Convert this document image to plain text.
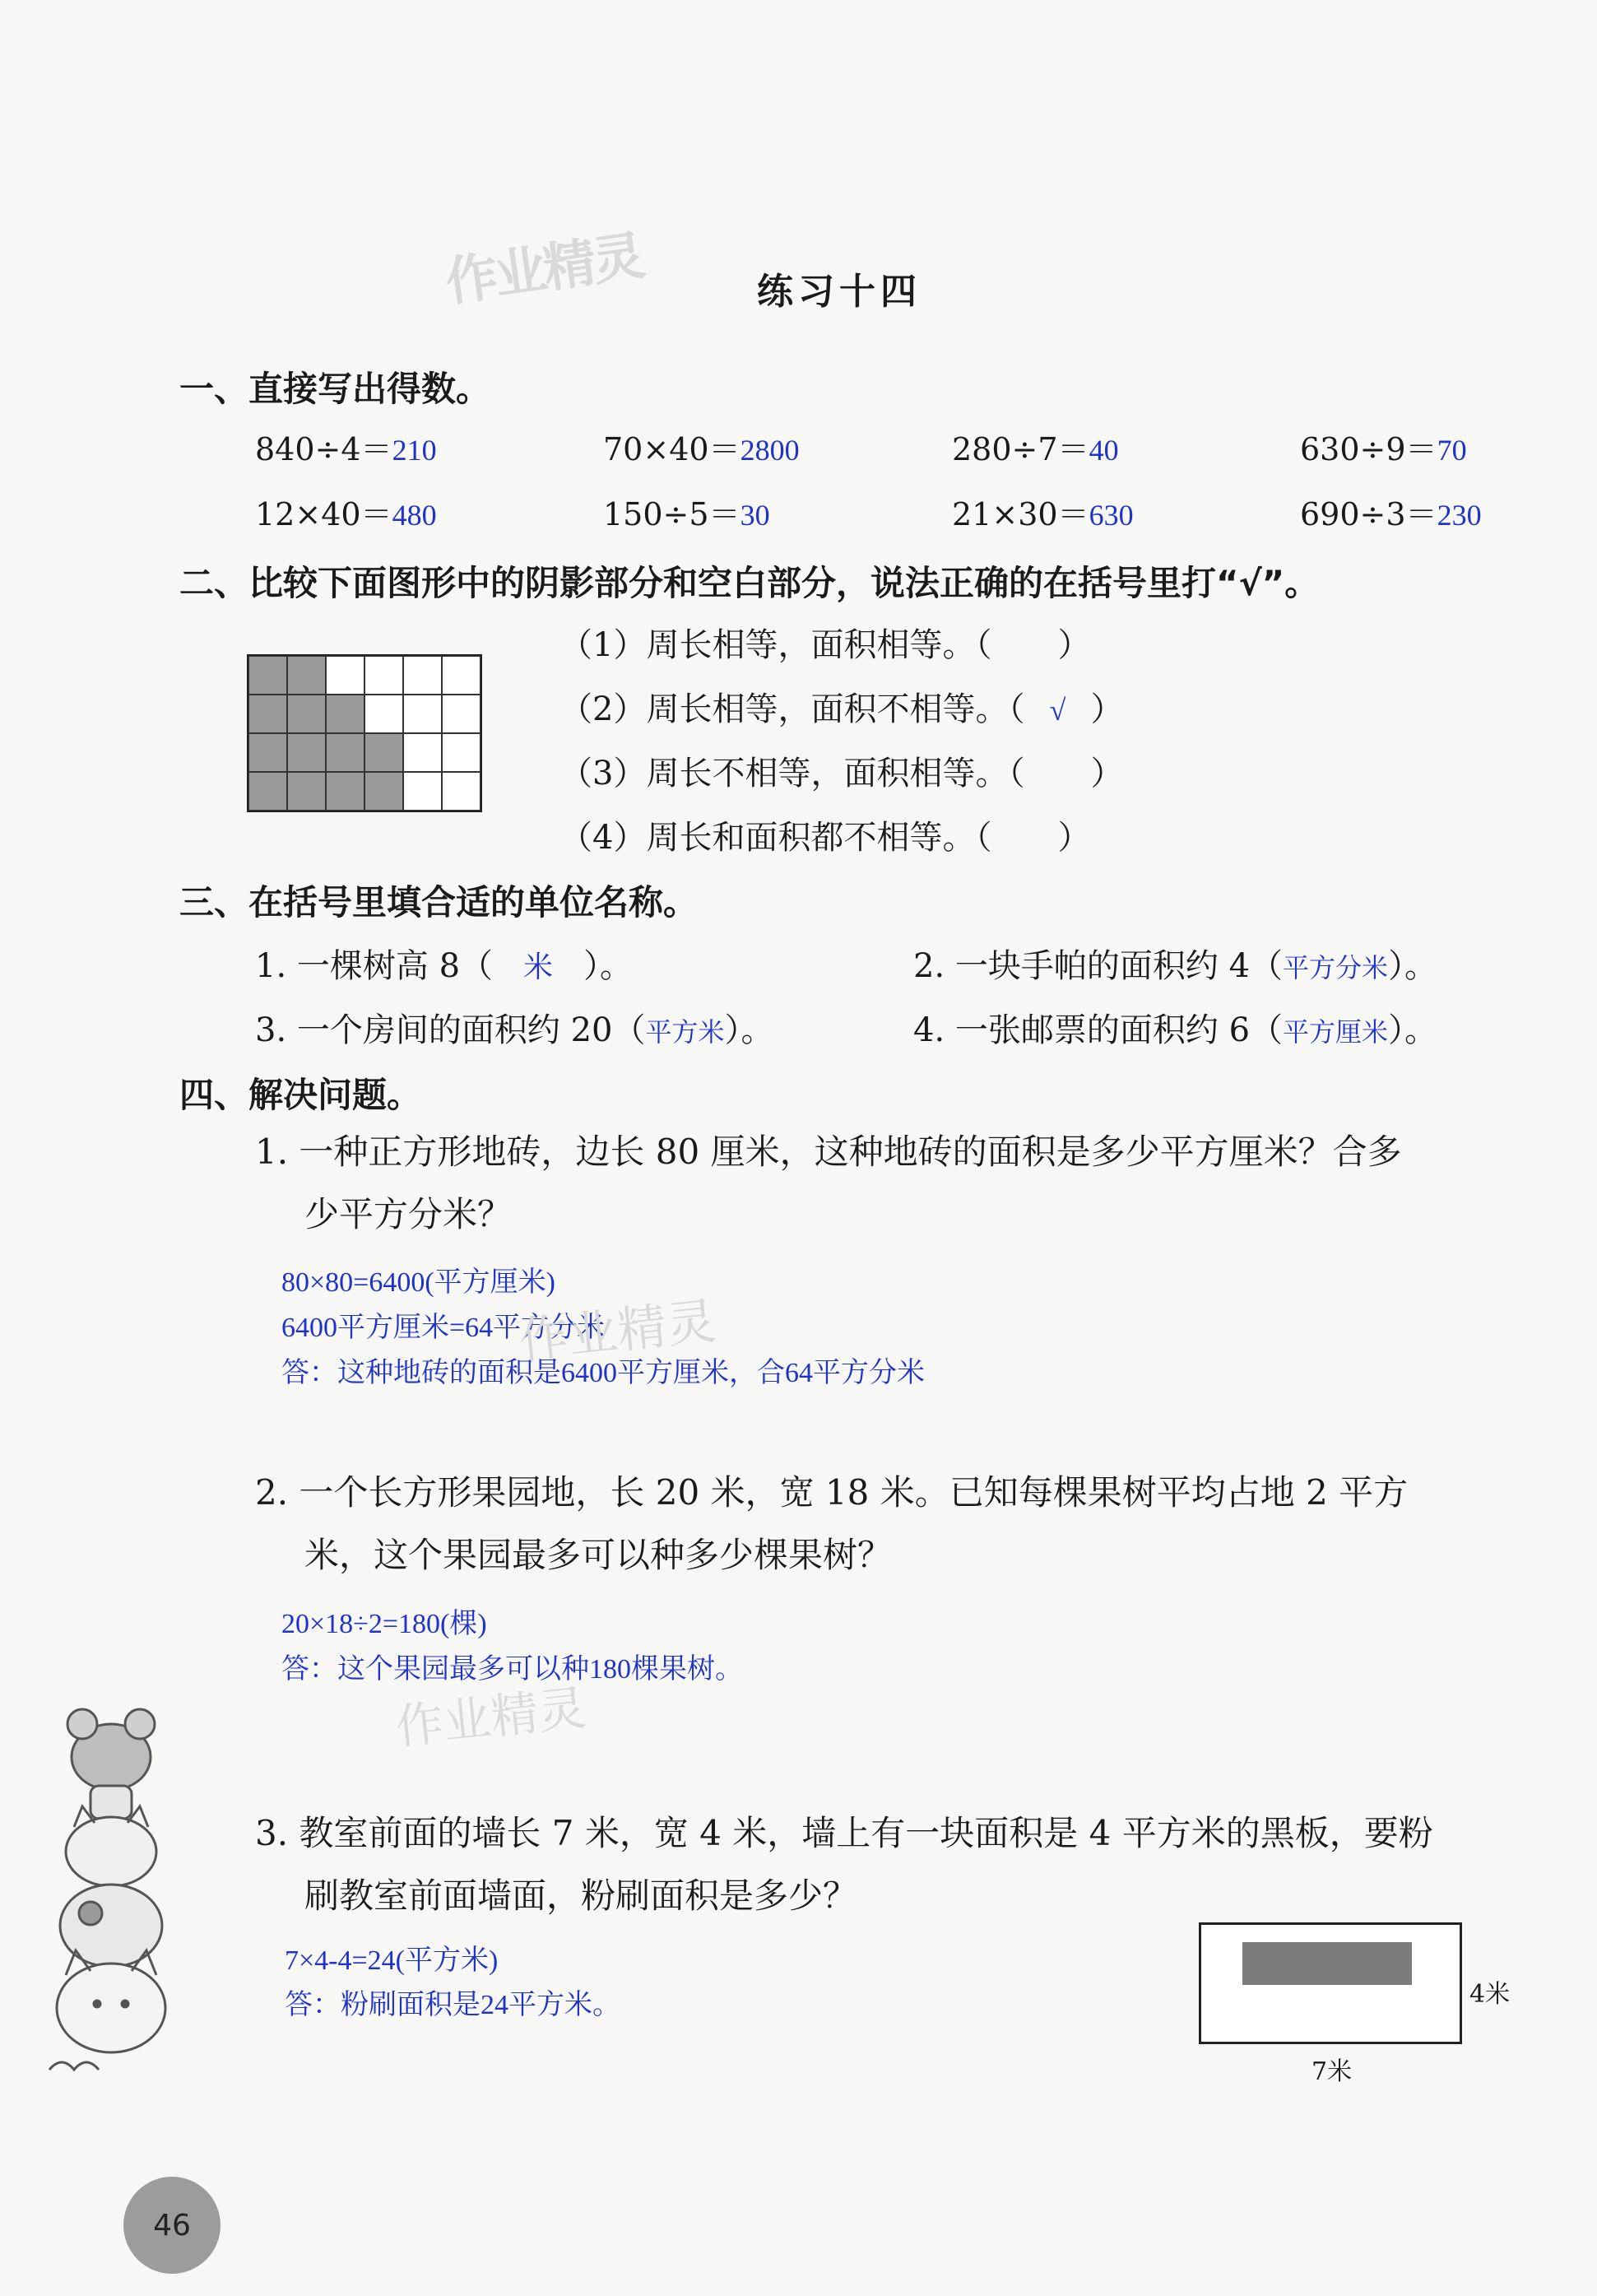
作业精灵	练习十四
一、直接写出得数。
840÷4＝210	70×40＝2800	280÷7＝40	630÷9＝70
12×40＝480	150÷5＝30	21×30＝630	690÷3＝230
二、比较下面图形中的阴影部分和空白部分，说法正确的在括号里打“√”。
（1）周长相等，面积相等。（ ）
（2）周长相等，面积不相等。（ √ ）
（3）周长不相等，面积相等。（ ）
（4）周长和面积都不相等。（ ）
三、在括号里填合适的单位名称。
1. 一棵树高 8（ 米 ）。	2. 一块手帕的面积约 4（平方分米）。
3. 一个房间的面积约 20（平方米）。	4. 一张邮票的面积约 6（平方厘米）。
四、解决问题。
1. 一种正方形地砖，边长 80 厘米，这种地砖的面积是多少平方厘米？合多
少平方分米？
80×80=6400(平方厘米)
6400平方厘米=64平方分米
答：这种地砖的面积是6400平方厘米，合64平方分米
作业精灵
2. 一个长方形果园地，长 20 米，宽 18 米。已知每棵果树平均占地 2 平方
米，这个果园最多可以种多少棵果树？
20×18÷2=180(棵)
答：这个果园最多可以种180棵果树。
作业精灵
3. 教室前面的墙长 7 米，宽 4 米，墙上有一块面积是 4 平方米的黑板，要粉
刷教室前面墙面，粉刷面积是多少？
7×4-4=24(平方米)
答：粉刷面积是24平方米。	4米
7米
46
